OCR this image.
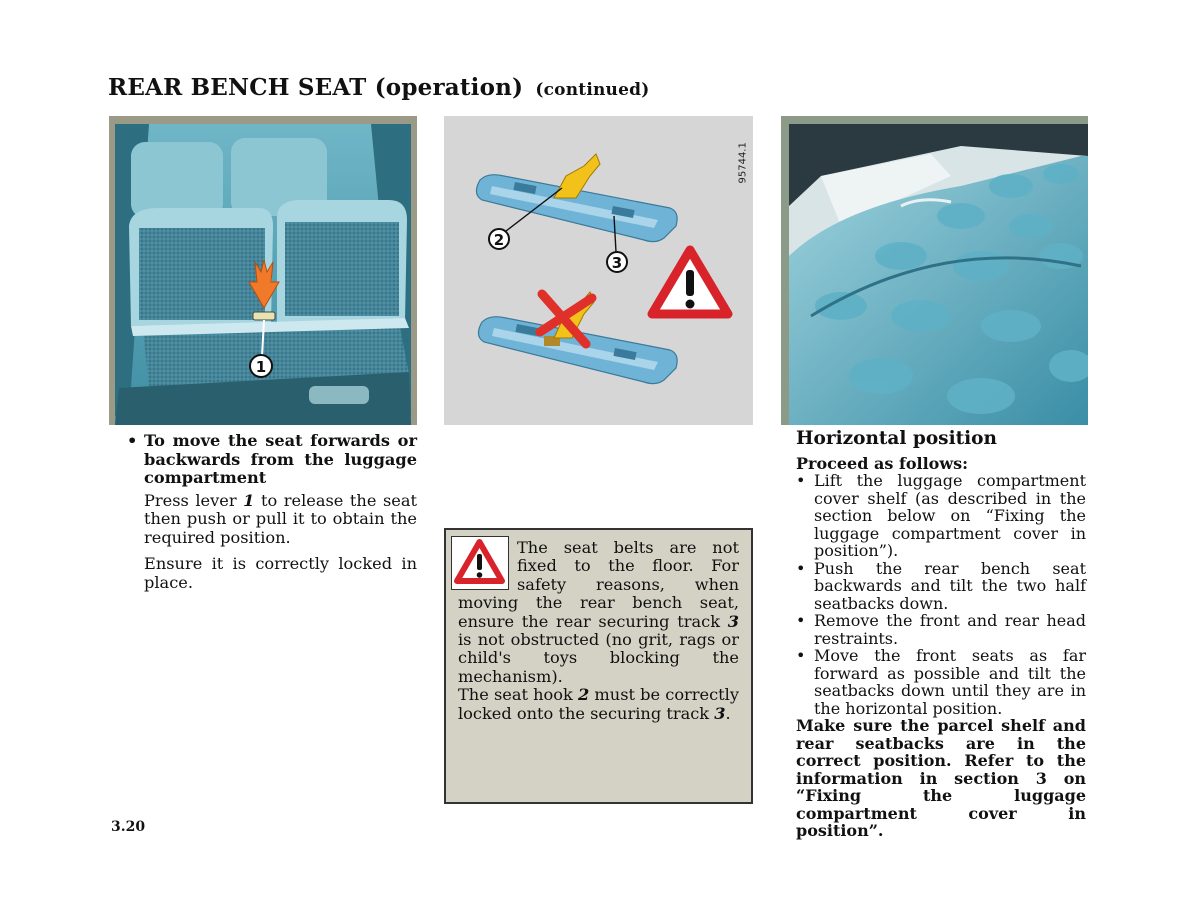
REAR BENCH SEAT (operation) (continued)
1
2
3
95744.1
• To move the seat forwards or backwards from the luggage compartment

Press lever 1 to release the seat then push or pull it to obtain the required position.

Ensure it is correctly locked in place.

The seat belts are not fixed to the floor. For safety reasons, when moving the rear bench seat, ensure the rear securing track 3 is not obstructed (no grit, rags or child's toys blocking the mechanism).

The seat hook 2 must be correctly locked onto the securing track 3.

Horizontal position

Proceed as follows:

• Lift the luggage compartment cover shelf (as described in the section below on “Fixing the luggage compartment cover in position”).
• Push the rear bench seat backwards and tilt the two half seatbacks down.
• Remove the front and rear head restraints.
• Move the front seats as far forward as possible and tilt the seatbacks down until they are in the horizontal position.

Make sure the parcel shelf and rear seatbacks are in the correct position. Refer to the information in section 3 on “Fixing the luggage compartment cover in position”.

3.20
